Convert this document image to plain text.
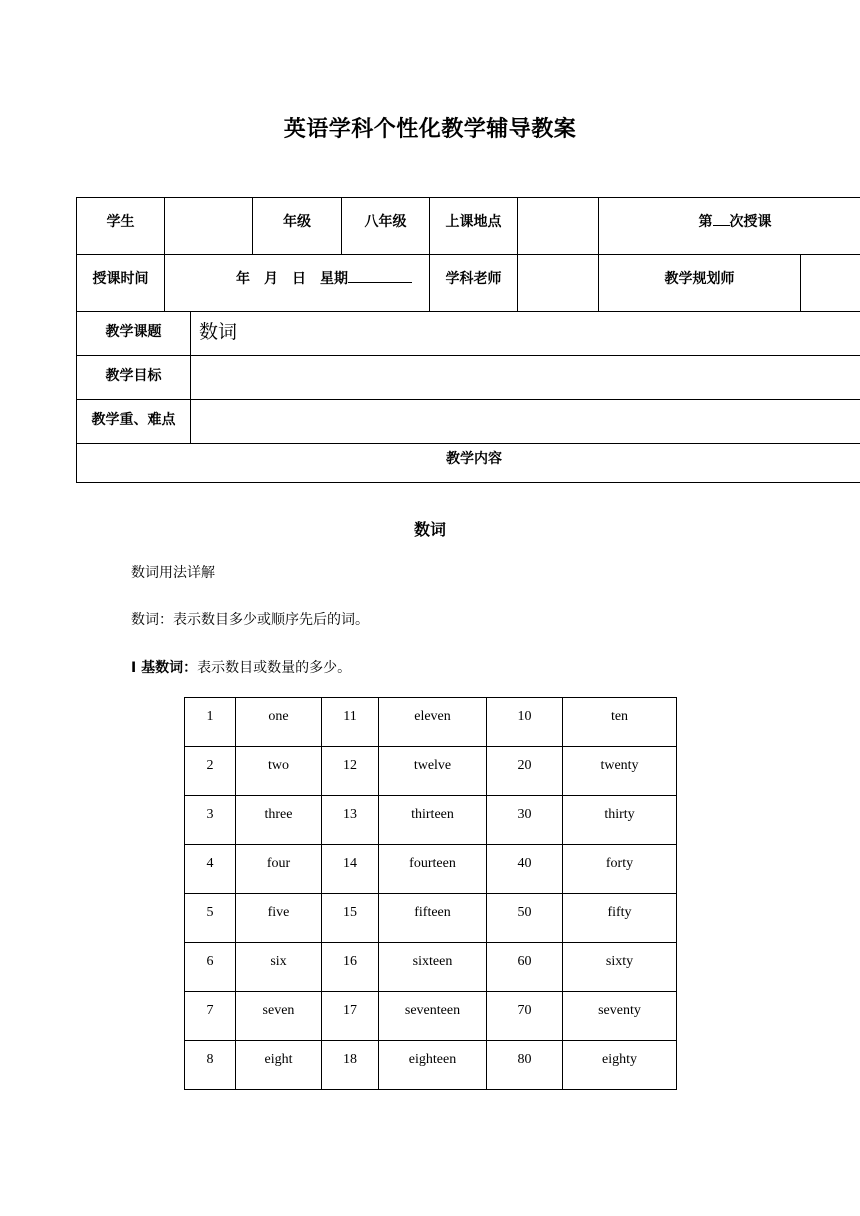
英语学科个性化教学辅导教案
学生			年级	八年级	上课地点		第 次授课	

授课时间	年 月 日 星期				学科老师		教学规划师	

教学课题		数词						

教学目标								

教学重、难点								

教学内容								
数词
数词用法详解
数词：表示数目多少或顺序先后的词。
I 基数词：表示数目或数量的多少。
1	one	11	eleven	10	ten
2	two	12	twelve	20	twenty
3	three	13	thirteen	30	thirty
4	four	14	fourteen	40	forty
5	five	15	fifteen	50	fifty
6	six	16	sixteen	60	sixty
7	seven	17	seventeen	70	seventy
8	eight	18	eighteen	80	eighty
